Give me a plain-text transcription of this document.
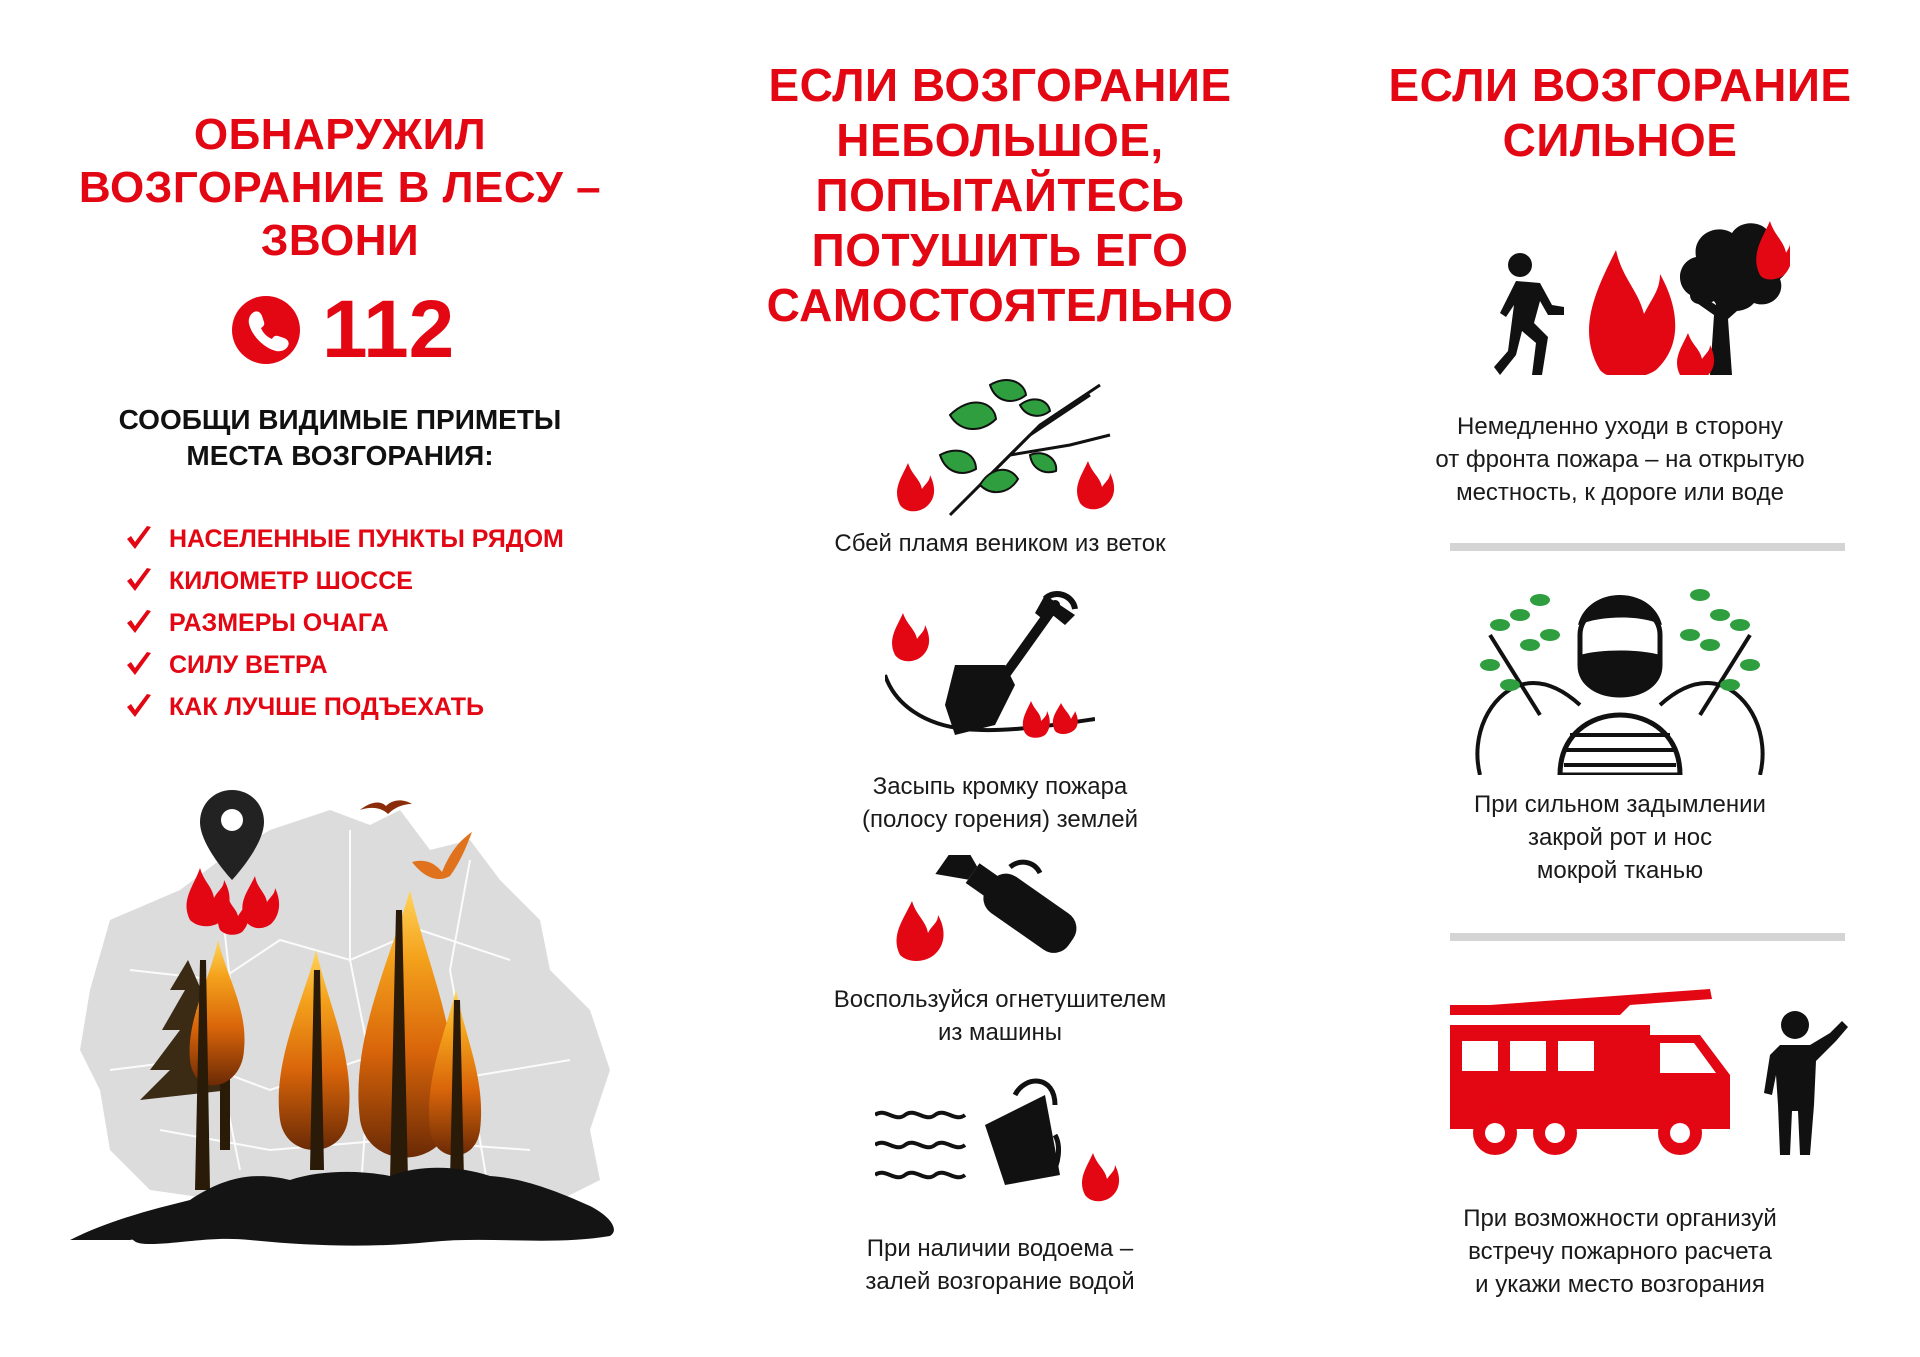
ОБНАРУЖИЛ ВОЗГОРАНИЕ В ЛЕСУ – ЗВОНИ
112
СООБЩИ ВИДИМЫЕ ПРИМЕТЫ МЕСТА ВОЗГОРАНИЯ:
НАСЕЛЕННЫЕ ПУНКТЫ РЯДОМ
КИЛОМЕТР ШОССЕ
РАЗМЕРЫ ОЧАГА
СИЛУ ВЕТРА
КАК ЛУЧШЕ ПОДЪЕХАТЬ
ЕСЛИ ВОЗГОРАНИЕ НЕБОЛЬШОЕ, ПОПЫТАЙТЕСЬ ПОТУШИТЬ ЕГО САМОСТОЯТЕЛЬНО
Сбей пламя веником из веток
Засыпь кромку пожара
(полосу горения) землей
Воспользуйся огнетушителем
из машины
При наличии водоема –
залей возгорание водой
ЕСЛИ ВОЗГОРАНИЕ СИЛЬНОЕ
Немедленно уходи в сторону
от фронта пожара – на открытую
местность, к дороге или воде
При сильном задымлении
закрой рот и нос
мокрой тканью
При возможности организуй
встречу пожарного расчета
и укажи место возгорания
